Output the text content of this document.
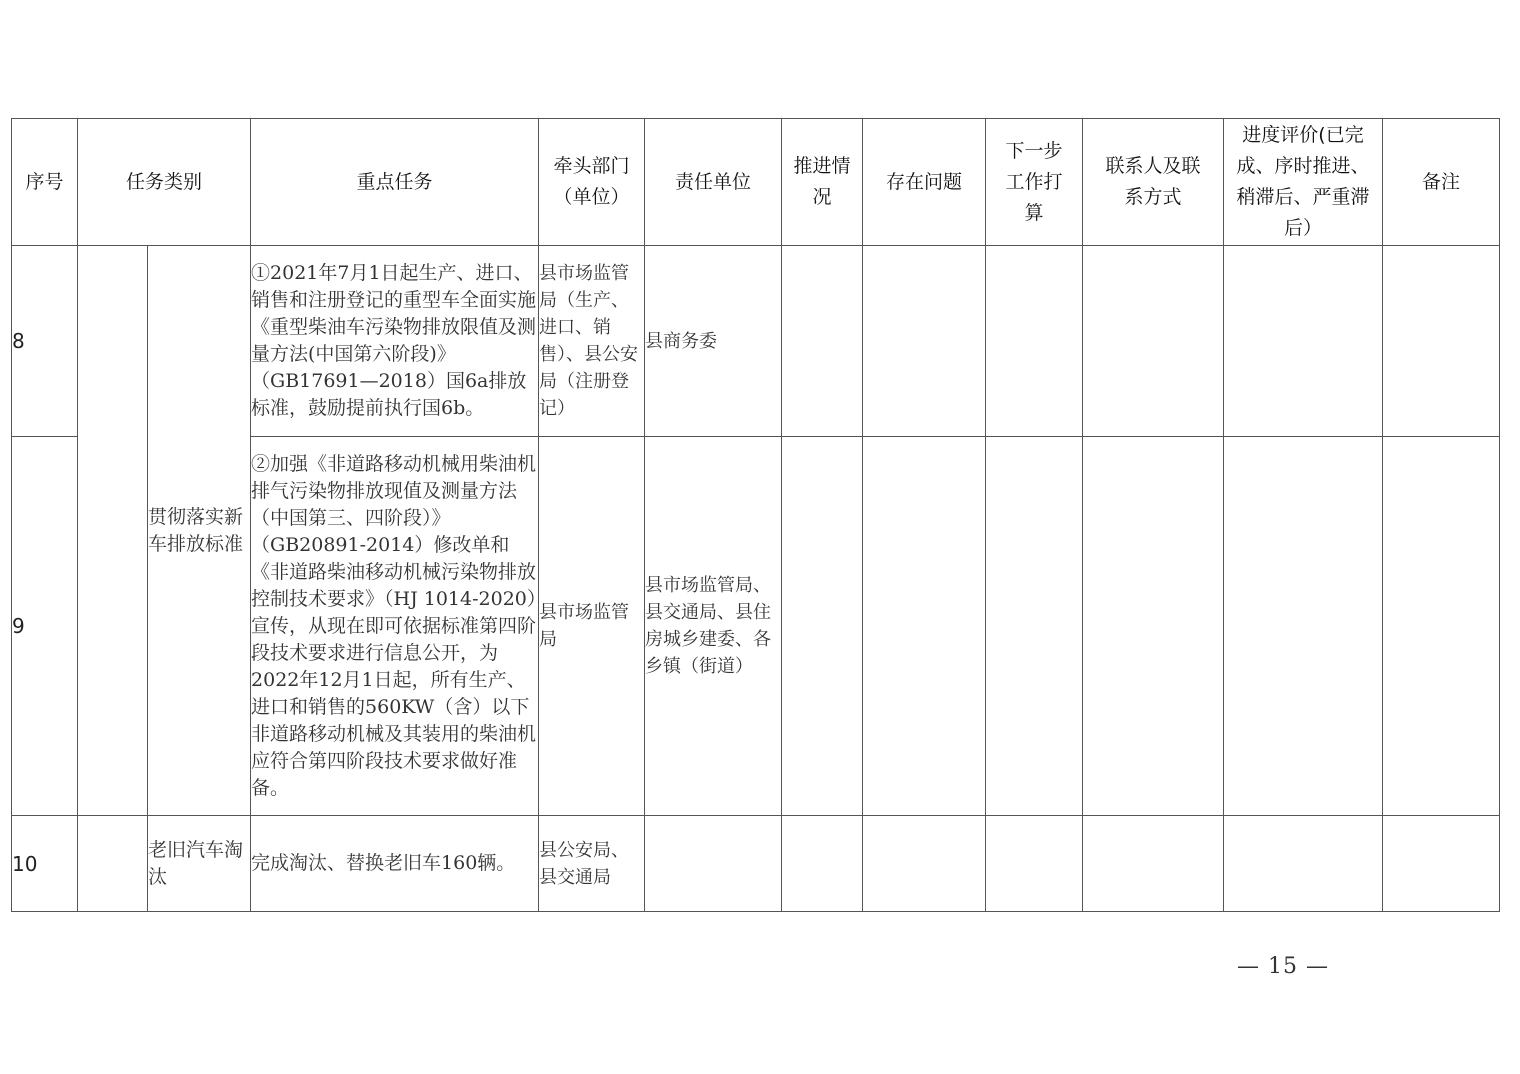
序号	任务类别		重点任务	牵头部门（单位）	责任单位	推进情况	存在问题	下一步工作打算	联系人及联系方式	进度评价(已完成、序时推进、稍滞后、严重滞后）	备注
8		贯彻落实新车排放标准	①2021年7月1日起生产、进口、销售和注册登记的重型车全面实施《重型柴油车污染物排放限值及测量方法(中国第六阶段)》（GB17691—2018）国6a排放标准，鼓励提前执行国6b。	县市场监管局（生产、进口、销售）、县公安局（注册登记）	县商务委						
9			②加强《非道路移动机械用柴油机排气污染物排放现值及测量方法（中国第三、四阶段）》（GB20891-2014）修改单和《非道路柴油移动机械污染物排放控制技术要求》（HJ 1014-2020）宣传，从现在即可依据标准第四阶段技术要求进行信息公开，为2022年12月1日起，所有生产、进口和销售的560KW（含）以下非道路移动机械及其装用的柴油机应符合第四阶段技术要求做好准备。	县市场监管局	县市场监管局、县交通局、县住房城乡建委、各乡镇（街道）						
10		老旧汽车淘汰	完成淘汰、替换老旧车160辆。	县公安局、县交通局							
— 15 —
